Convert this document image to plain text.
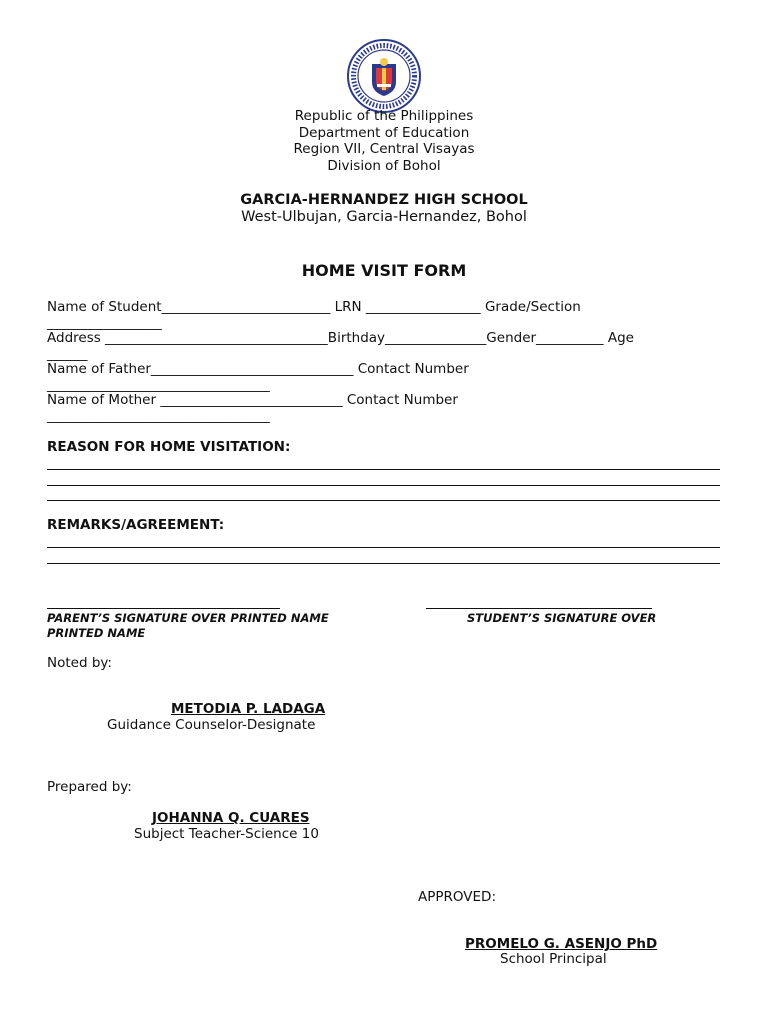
Republic of the Philippines
Department of Education
Region VII, Central Visayas
Division of Bohol
GARCIA-HERNANDEZ HIGH SCHOOL
West-Ulbujan, Garcia-Hernandez, Bohol
HOME VISIT FORM
Name of Student_________________________ LRN _________________ Grade/Section
_________________
Address _________________________________Birthday_______________Gender__________ Age
______
Name of Father______________________________ Contact Number
_________________________________
Name of Mother ___________________________ Contact Number
_________________________________
REASON FOR HOME VISITATION:
REMARKS/AGREEMENT:
PARENT’S SIGNATURE OVER PRINTED NAME	STUDENT’S SIGNATURE OVER
PRINTED NAME
Noted by:
METODIA P. LADAGA
Guidance Counselor-Designate
Prepared by:
JOHANNA Q. CUARES
Subject Teacher-Science 10
APPROVED:
PROMELO G. ASENJO PhD
School Principal
